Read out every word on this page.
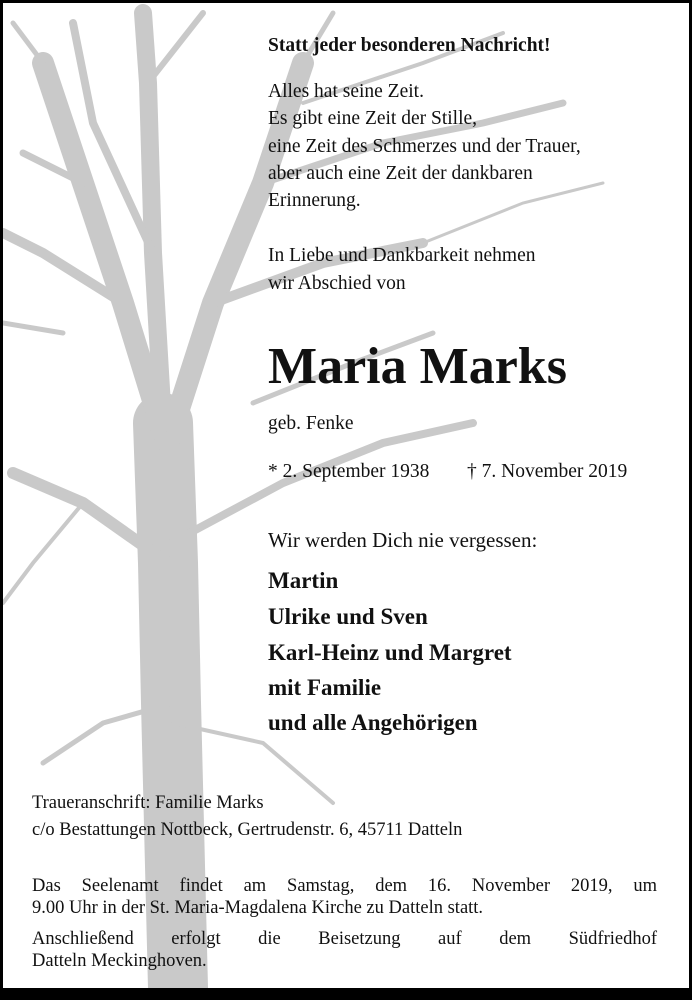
Statt jeder besonderen Nachricht!
Alles hat seine Zeit.
Es gibt eine Zeit der Stille,
eine Zeit des Schmerzes und der Trauer,
aber auch eine Zeit der dankbaren
Erinnerung.
In Liebe und Dankbarkeit nehmen
wir Abschied von
Maria Marks
geb. Fenke
* 2. September 1938 † 7. November 2019
Wir werden Dich nie vergessen:
Martin
Ulrike und Sven
Karl-Heinz und Margret
mit Familie
und alle Angehörigen
Traueranschrift: Familie Marks
c/o Bestattungen Nottbeck, Gertrudenstr. 6, 45711 Datteln
Das Seelenamt findet am Samstag, dem 16. November 2019, um
9.00 Uhr in der St. Maria-Magdalena Kirche zu Datteln statt.
Anschließend erfolgt die Beisetzung auf dem Südfriedhof
Datteln Meckinghoven.
